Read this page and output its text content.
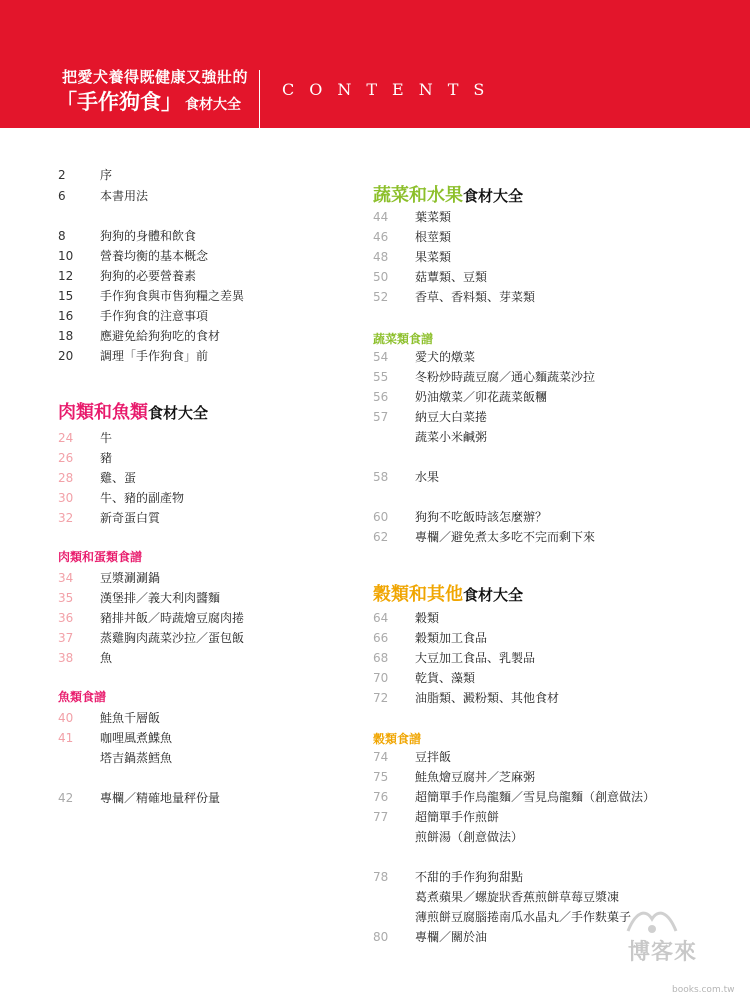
把愛犬養得既健康又強壯的
「手作狗食」 食材大全
CONTENTS
2	序
6	本書用法
8	狗狗的身體和飲食
10 營養均衡的基本概念
12 狗狗的必要營養素
15 手作狗食與市售狗糧之差異
16 手作狗食的注意事項
18 應避免給狗狗吃的食材
20 調理「手作狗食」前
肉類和魚類食材大全
24 牛
26 豬
28 雞、蛋
30 牛、豬的副產物
32 新奇蛋白質
肉類和蛋類食譜
34 豆漿涮涮鍋
35 漢堡排／義大利肉醬麵
36 豬排丼飯／時蔬燴豆腐肉捲
37 蒸雞胸肉蔬菜沙拉／蛋包飯
38 魚
魚類食譜
40 鮭魚千層飯
41 咖哩風煮鰈魚
塔吉鍋蒸鱈魚
42 專欄／精確地量秤份量
蔬菜和水果食材大全
44 葉菜類
46 根莖類
48 果菜類
50 菇蕈類、豆類
52 香草、香料類、芽菜類
蔬菜類食譜
54 愛犬的燉菜
55 冬粉炒時蔬豆腐／通心麵蔬菜沙拉
56 奶油燉菜／卯花蔬菜飯糰
57 納豆大白菜捲
蔬菜小米鹹粥
58 水果
60 狗狗不吃飯時該怎麼辦？
62 專欄／避免煮太多吃不完而剩下來
穀類和其他食材大全
64 穀類
66 穀類加工食品
68 大豆加工食品、乳製品
70 乾貨、藻類
72 油脂類、澱粉類、其他食材
穀類食譜
74 豆拌飯
75 鮭魚燴豆腐丼／芝麻粥
76 超簡單手作烏龍麵／雪見烏龍麵（創意做法）
77 超簡單手作煎餅
煎餅湯（創意做法）
78 不甜的手作狗狗甜點
葛煮蘋果／螺旋狀香蕉煎餅草莓豆漿凍
薄煎餅豆腐腦捲南瓜水晶丸／手作麩菓子
80 專欄／關於油
博客來
books.com.tw
